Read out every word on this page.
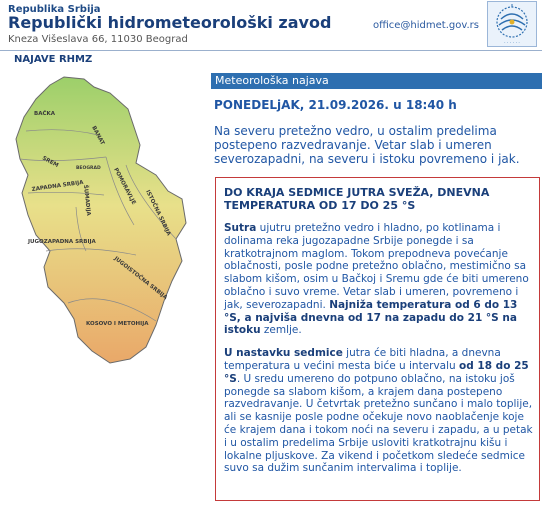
Republika Srbija
Republički hidrometeorološki zavod
Kneza Višeslava 66, 11030 Beograd
office@hidmet.gov.rs
· · · · · ·
NAJAVE RHMZ
BAČKA
BANAT
SREM	BEOGRAD POMORAVLJE
ZAPADNA SRBIJA
ŠUMADIJA	ISTOČNA SRBIJA
JUGOZAPADNA SRBIJA
JUGOISTOČNA SRBIJA
KOSOVO I METOHIJA
Meteorološka najava
PONEDELjAK, 21.09.2026. u 18:40 h
Na severu pretežno vedro, u ostalim predelima postepeno razvedravanje. Vetar slab i umeren severozapadni, na severu i istoku povremeno i jak.
DO KRAJA SEDMICE JUTRA SVEŽA, DNEVNA TEMPERATURA OD 17 DO 25 °S
Sutra ujutru pretežno vedro i hladno, po kotlinama i dolinama reka jugozapadne Srbije ponegde i sa kratkotrajnom maglom. Tokom prepodneva povećanje oblačnosti, posle podne pretežno oblačno, mestimično sa slabom kišom, osim u Bačkoj i Sremu gde će biti umereno oblačno i suvo vreme. Vetar slab i umeren, povremeno i jak, severozapadni. Najniža temperatura od 6 do 13 °S, a najviša dnevna od 17 na zapadu do 21 °S na istoku zemlje.
U nastavku sedmice jutra će biti hladna, a dnevna temperatura u većini mesta biće u intervalu od 18 do 25 °S. U sredu umereno do potpuno oblačno, na istoku još ponegde sa slabom kišom, a krajem dana postepeno razvedravanje. U četvrtak pretežno sunčano i malo toplije, ali se kasnije posle podne očekuje novo naoblačenje koje će krajem dana i tokom noći na severu i zapadu, a u petak i u ostalim predelima Srbije usloviti kratkotrajnu kišu i lokalne pljuskove. Za vikend i početkom sledeće sedmice suvo sa dužim sunčanim intervalima i toplije.
